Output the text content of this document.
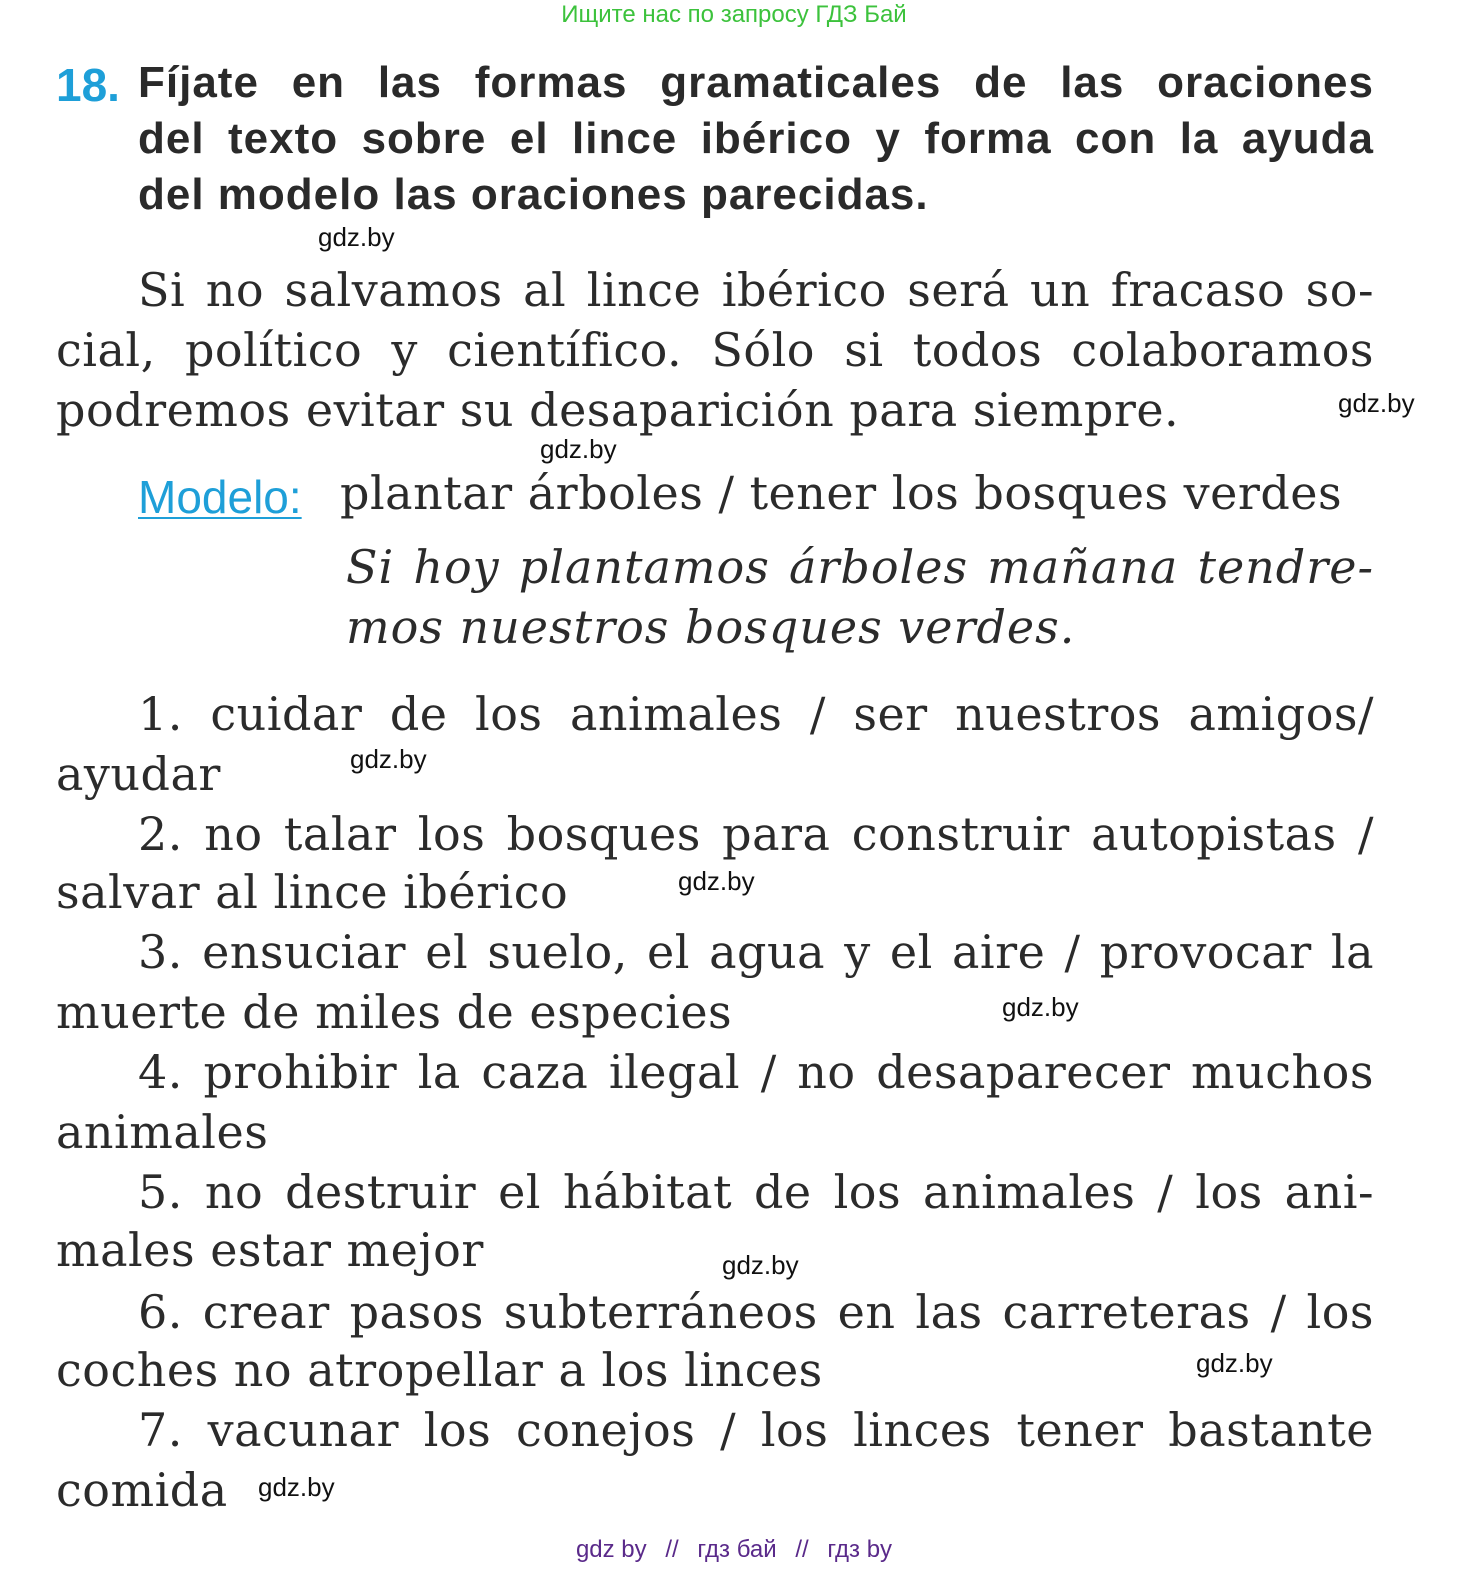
Ищите нас по запросу ГДЗ Бай
18. Fíjate en las formas gramaticales de las oraciones
del texto sobre el lince ibérico y forma con la ayuda
del modelo las oraciones parecidas.
gdz.by
Si no salvamos al lince ibérico será un fracaso so-
cial, político y científico. Sólo si todos colaboramos
podremos evitar su desaparición para siempre.	gdz.by
gdz.by
Modelo: plantar árboles / tener los bosques verdes
Si hoy plantamos árboles mañana tendre-
mos nuestros bosques verdes.
1. cuidar de los animales / ser nuestros amigos/
ayudar	gdz.by
2. no talar los bosques para construir autopistas /
salvar al lince ibérico	gdz.by
3. ensuciar el suelo, el agua y el aire / provocar la
muerte de miles de especies	gdz.by
4. prohibir la caza ilegal / no desaparecer muchos
animales
5. no destruir el hábitat de los animales / los ani-
males estar mejor	gdz.by
6. crear pasos subterráneos en las carreteras / los
coches no atropellar a los linces	gdz.by
7. vacunar los conejos / los linces tener bastante
comida gdz.by
gdz by // гдз бай // гдз by
